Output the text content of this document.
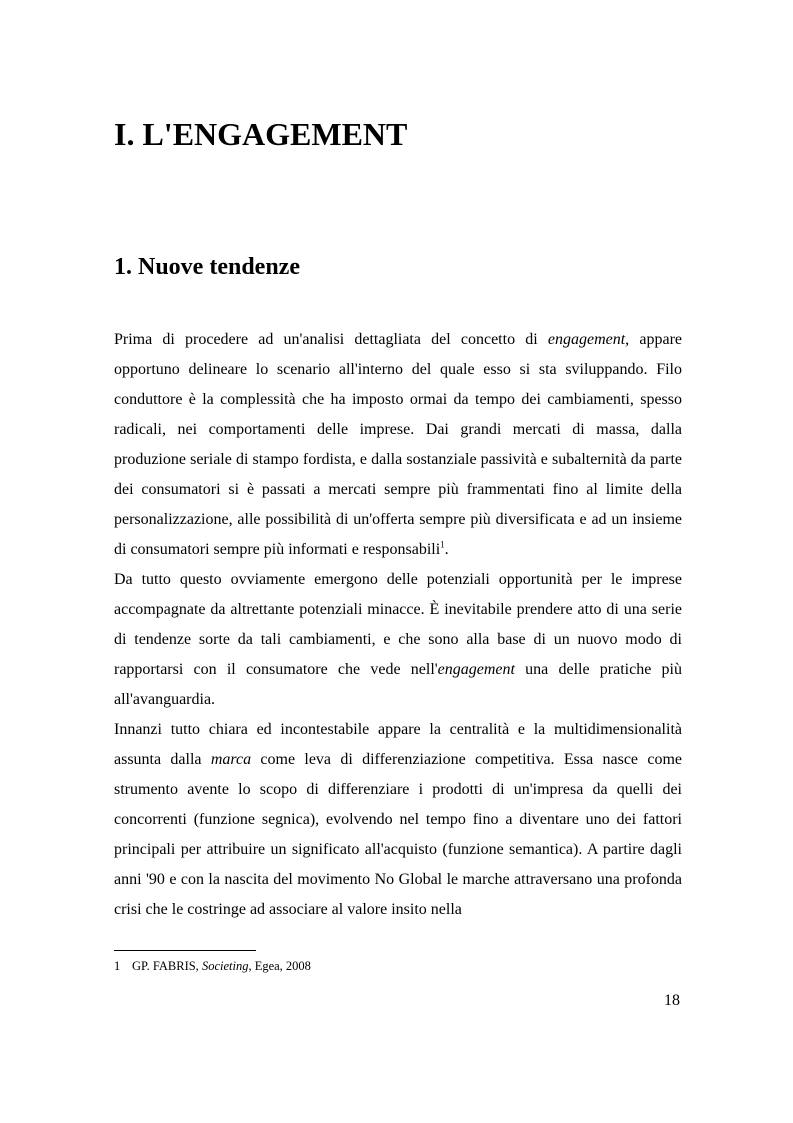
I. L'ENGAGEMENT
1. Nuove tendenze

Prima di procedere ad un'analisi dettagliata del concetto di engagement, appare opportuno delineare lo scenario all'interno del quale esso si sta sviluppando. Filo conduttore è la complessità che ha imposto ormai da tempo dei cambiamenti, spesso radicali, nei comportamenti delle imprese. Dai grandi mercati di massa, dalla produzione seriale di stampo fordista, e dalla sostanziale passività e subalternità da parte dei consumatori si è passati a mercati sempre più frammentati fino al limite della personalizzazione, alle possibilità di un'offerta sempre più diversificata e ad un insieme di consumatori sempre più informati e responsabili$^1$.

Da tutto questo ovviamente emergono delle potenziali opportunità per le imprese accompagnate da altrettante potenziali minacce. È inevitabile prendere atto di una serie di tendenze sorte da tali cambiamenti, e che sono alla base di un nuovo modo di rapportarsi con il consumatore che vede nell'engagement una delle pratiche più all'avanguardia.

Innanzi tutto chiara ed incontestabile appare la centralità e la multidimensionalità assunta dalla marca come leva di differenziazione competitiva. Essa nasce come strumento avente lo scopo di differenziare i prodotti di un'impresa da quelli dei concorrenti (funzione segnica), evolvendo nel tempo fino a diventare uno dei fattori principali per attribuire un significato all'acquisto (funzione semantica). A partire dagli anni '90 e con la nascita del movimento No Global le marche attraversano una profonda crisi che le costringe ad associare al valore insito nella

1 GP. FABRIS, Societing, Egea, 2008
18
